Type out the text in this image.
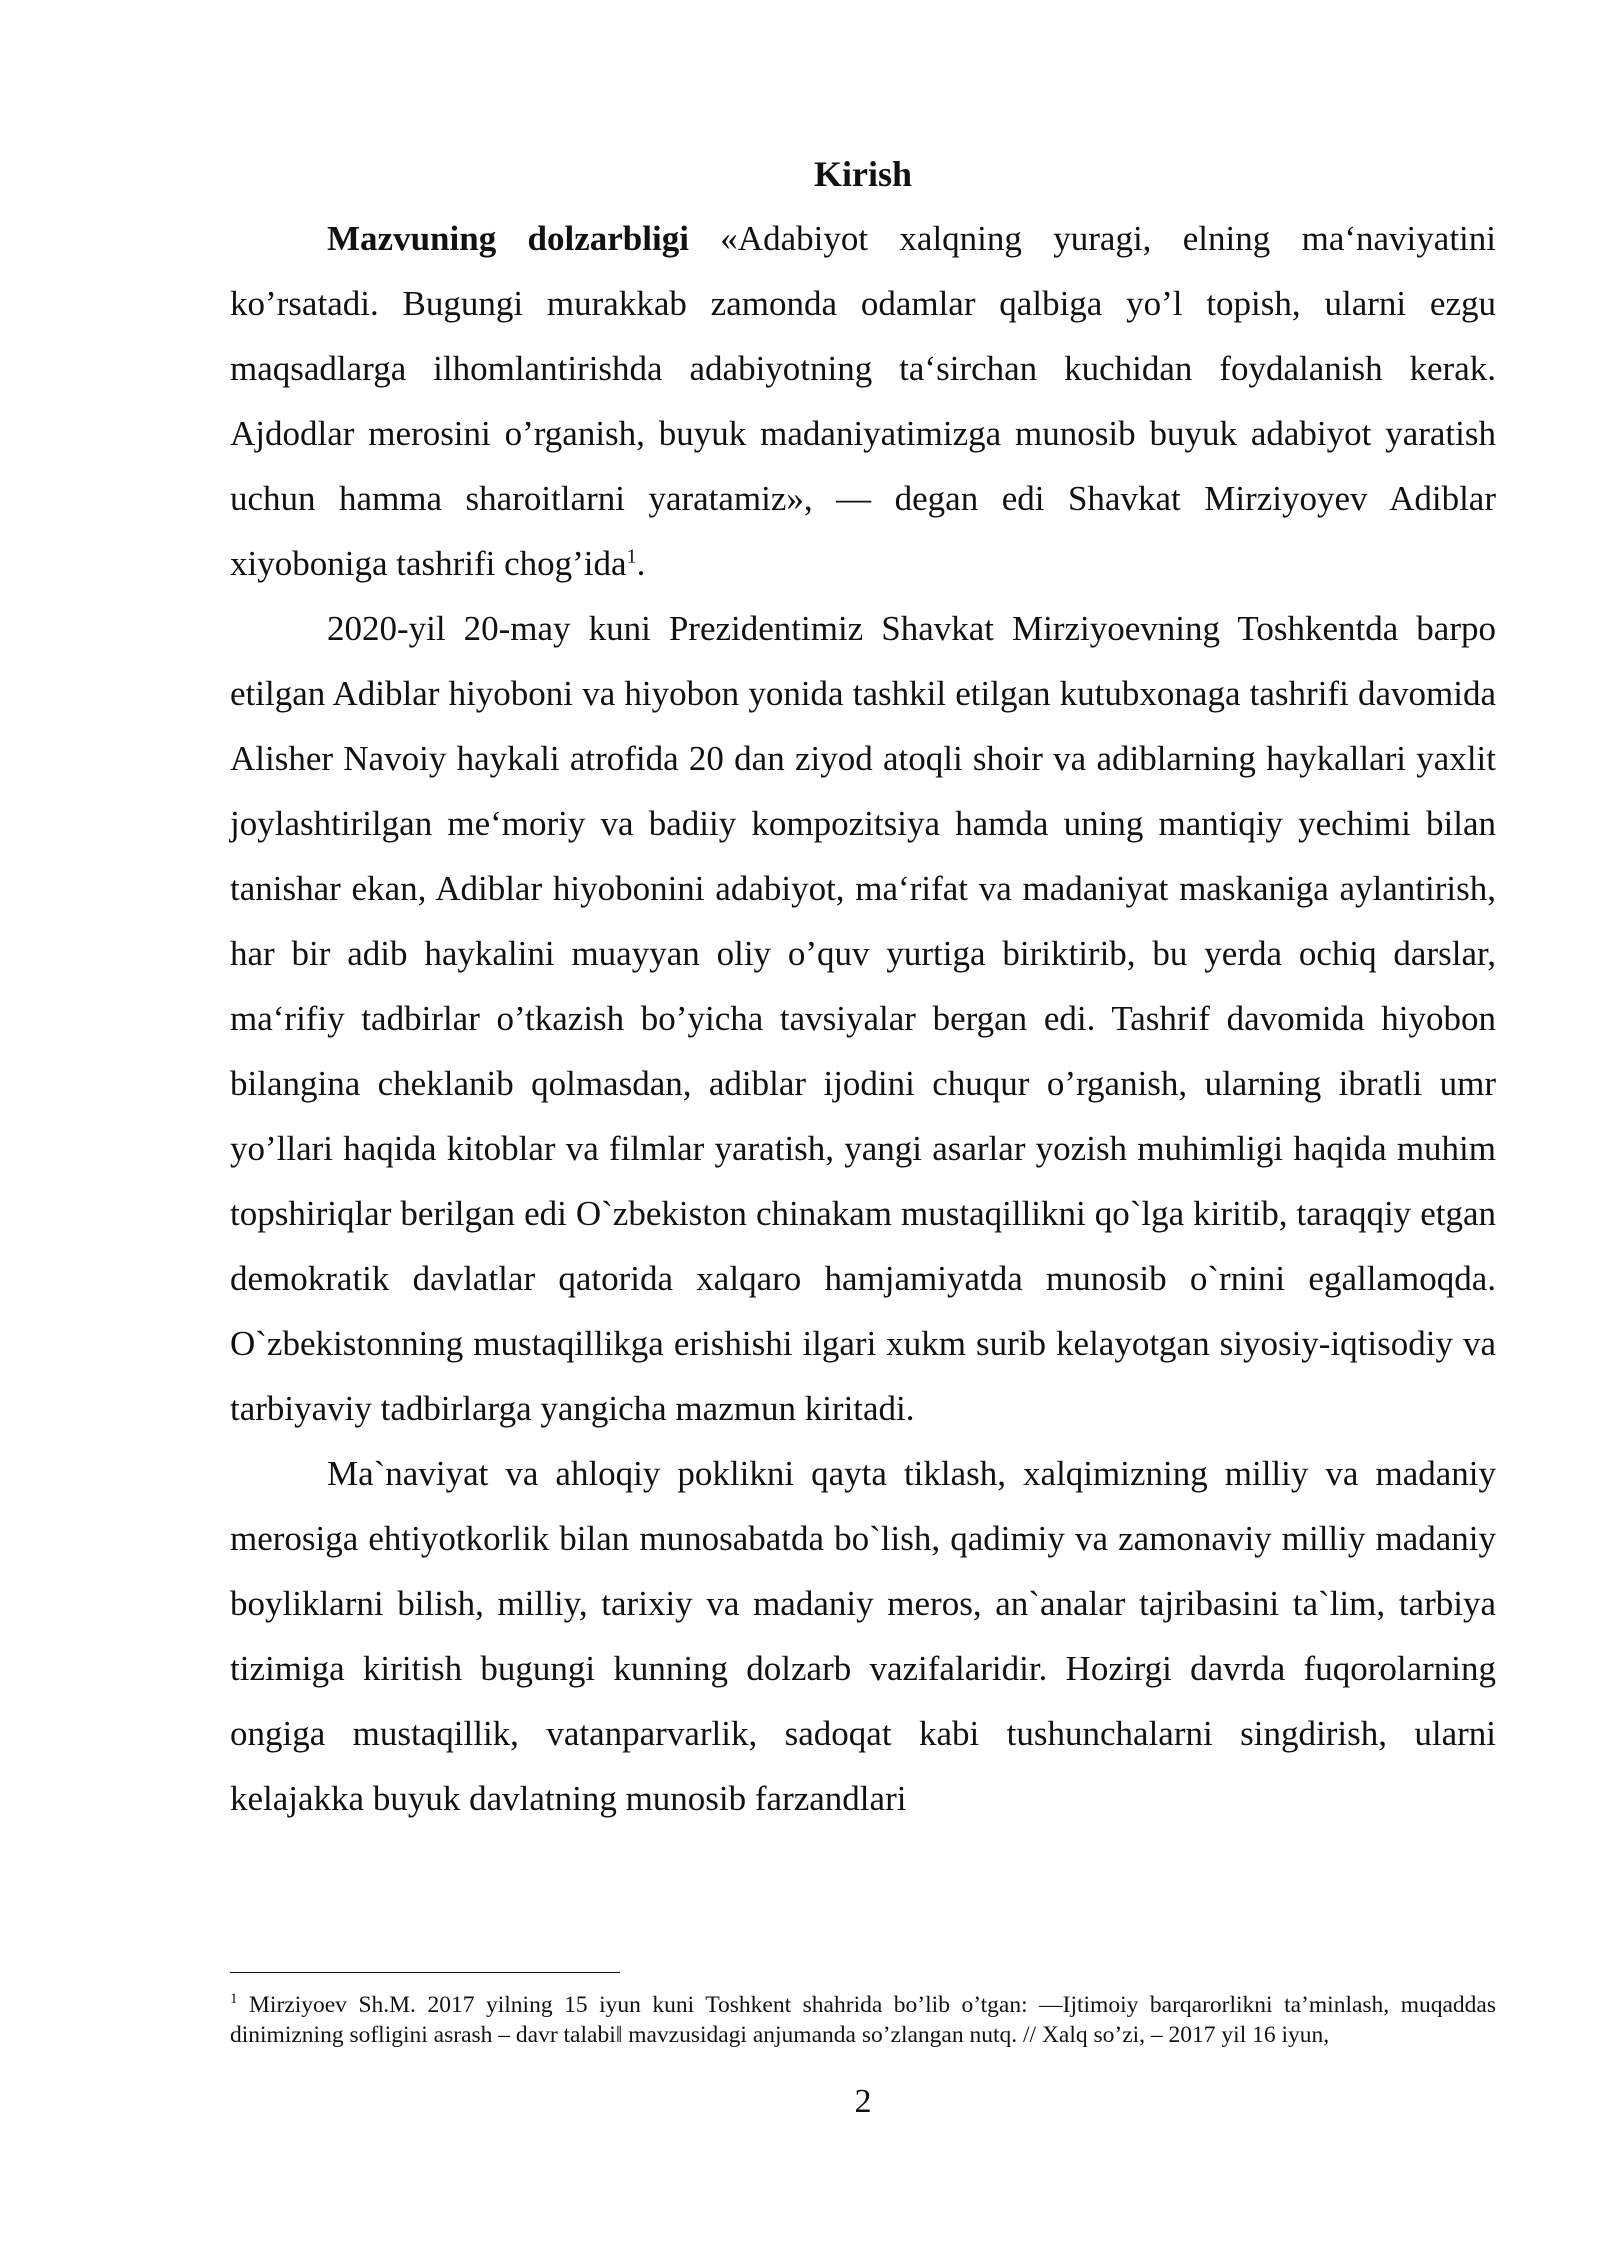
Kirish

Mazvuning dolzarbligi «Adabiyot xalqning yuragi, elning maʻnaviyatini ko’rsatadi. Bugungi murakkab zamonda odamlar qalbiga yo’l topish, ularni ezgu maqsadlarga ilhomlantirishda adabiyotning taʻsirchan kuchidan foydalanish kerak. Ajdodlar merosini o’rganish, buyuk madaniyatimizga munosib buyuk adabiyot yaratish uchun hamma sharoitlarni yaratamiz», — degan edi Shavkat Mirziyoyev Adiblar xiyoboniga tashrifi chog’ida$^1$.

2020-yil 20-may kuni Prezidentimiz Shavkat Mirziyoevning Toshkentda barpo etilgan Adiblar hiyoboni va hiyobon yonida tashkil etilgan kutubxonaga tashrifi davomida Alisher Navoiy haykali atrofida 20 dan ziyod atoqli shoir va adiblarning haykallari yaxlit joylashtirilgan meʻmoriy va badiiy kompozitsiya hamda uning mantiqiy yechimi bilan tanishar ekan, Adiblar hiyobonini adabiyot, maʻrifat va madaniyat maskaniga aylantirish, har bir adib haykalini muayyan oliy o’quv yurtiga biriktirib, bu yerda ochiq darslar, maʻrifiy tadbirlar o’tkazish bo’yicha tavsiyalar bergan edi. Tashrif davomida hiyobon bilangina cheklanib qolmasdan, adiblar ijodini chuqur o’rganish, ularning ibratli umr yo’llari haqida kitoblar va filmlar yaratish, yangi asarlar yozish muhimligi haqida muhim topshiriqlar berilgan edi O`zbekiston chinakam mustaqillikni qo`lga kiritib, taraqqiy etgan demokratik davlatlar qatorida xalqaro hamjamiyatda munosib o`rnini egallamoqda. O`zbekistonning mustaqillikga erishishi ilgari xukm surib kelayotgan siyosiy-iqtisodiy va tarbiyaviy tadbirlarga yangicha mazmun kiritadi.

Ma`naviyat va ahloqiy poklikni qayta tiklash, xalqimizning milliy va madaniy merosiga ehtiyotkorlik bilan munosabatda bo`lish, qadimiy va zamonaviy milliy madaniy boyliklarni bilish, milliy, tarixiy va madaniy meros, an`analar tajribasini ta`lim, tarbiya tizimiga kiritish bugungi kunning dolzarb vazifalaridir. Hozirgi davrda fuqorolarning ongiga mustaqillik, vatanparvarlik, sadoqat kabi tushunchalarni singdirish, ularni kelajakka buyuk davlatning munosib farzandlari

$^1$ Mirziyoev Sh.M. 2017 yilning 15 iyun kuni Toshkent shahrida bo’lib o’tgan: ―Ijtimoiy barqarorlikni ta’minlash, muqaddas dinimizning sofligini asrash – davr talabi‖ mavzusidagi anjumanda so’zlangan nutq. // Xalq so’zi, – 2017 yil 16 iyun,
2
